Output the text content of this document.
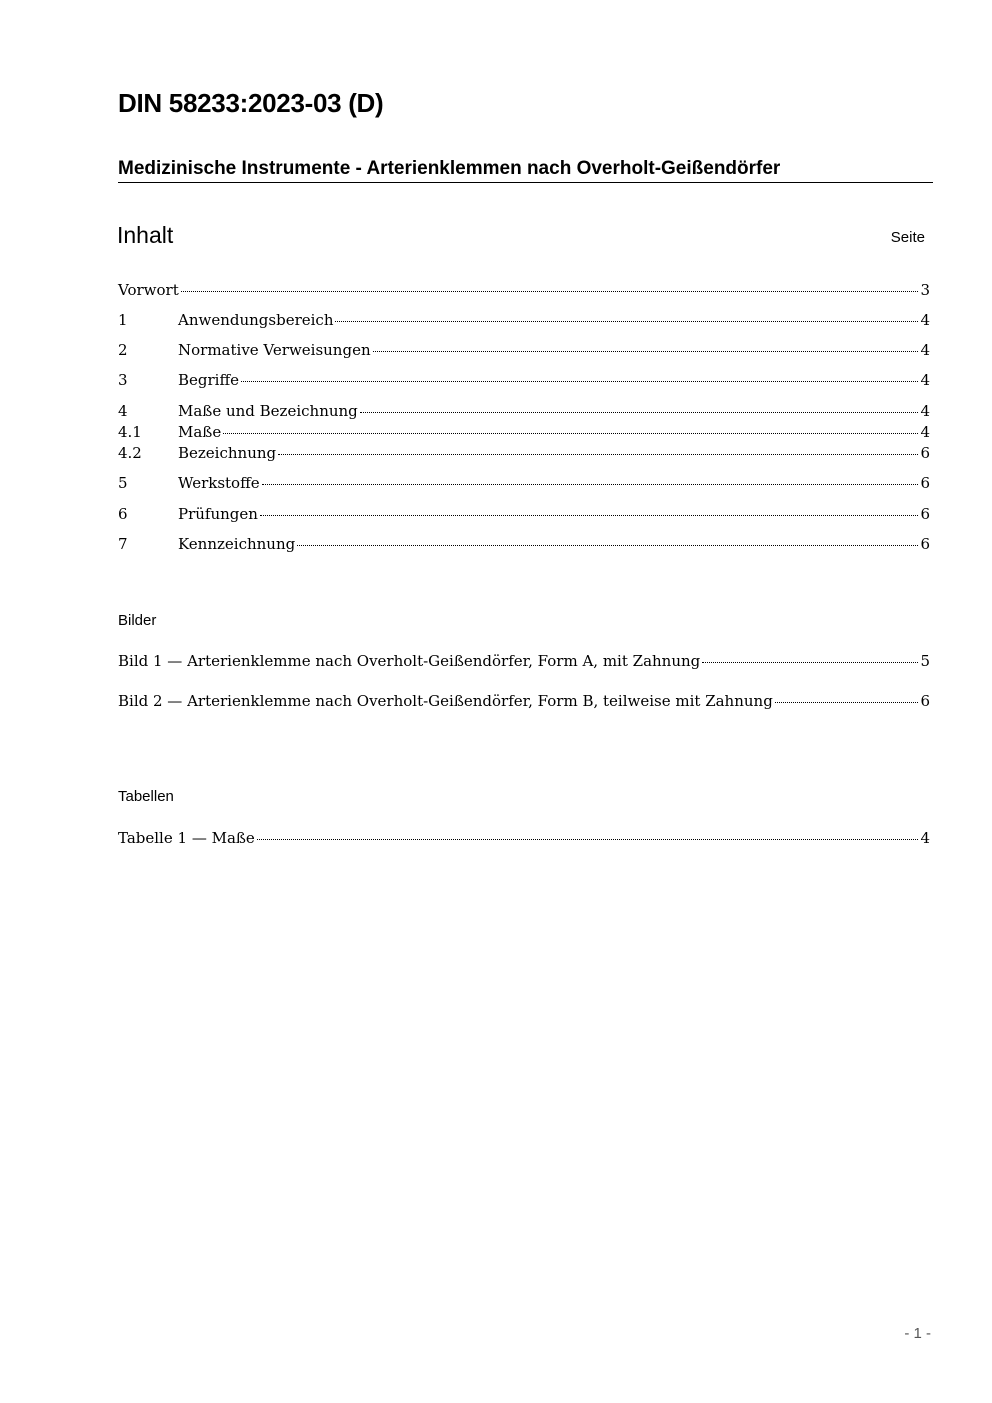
DIN 58233:2023-03 (D)
Medizinische Instrumente - Arterienklemmen nach Overholt-Geißendörfer
Inhalt	Seite
Vorwort	3
1	Anwendungsbereich	4
2	Normative Verweisungen	4
3	Begriffe	4
4	Maße und Bezeichnung	4
4.1	Maße	4
4.2	Bezeichnung	6
5	Werkstoffe	6
6	Prüfungen	6
7	Kennzeichnung	6
Bilder
Bild 1 — Arterienklemme nach Overholt-Geißendörfer, Form A, mit Zahnung	5
Bild 2 — Arterienklemme nach Overholt-Geißendörfer, Form B, teilweise mit Zahnung	6
Tabellen
Tabelle 1 — Maße	4
- 1 -
